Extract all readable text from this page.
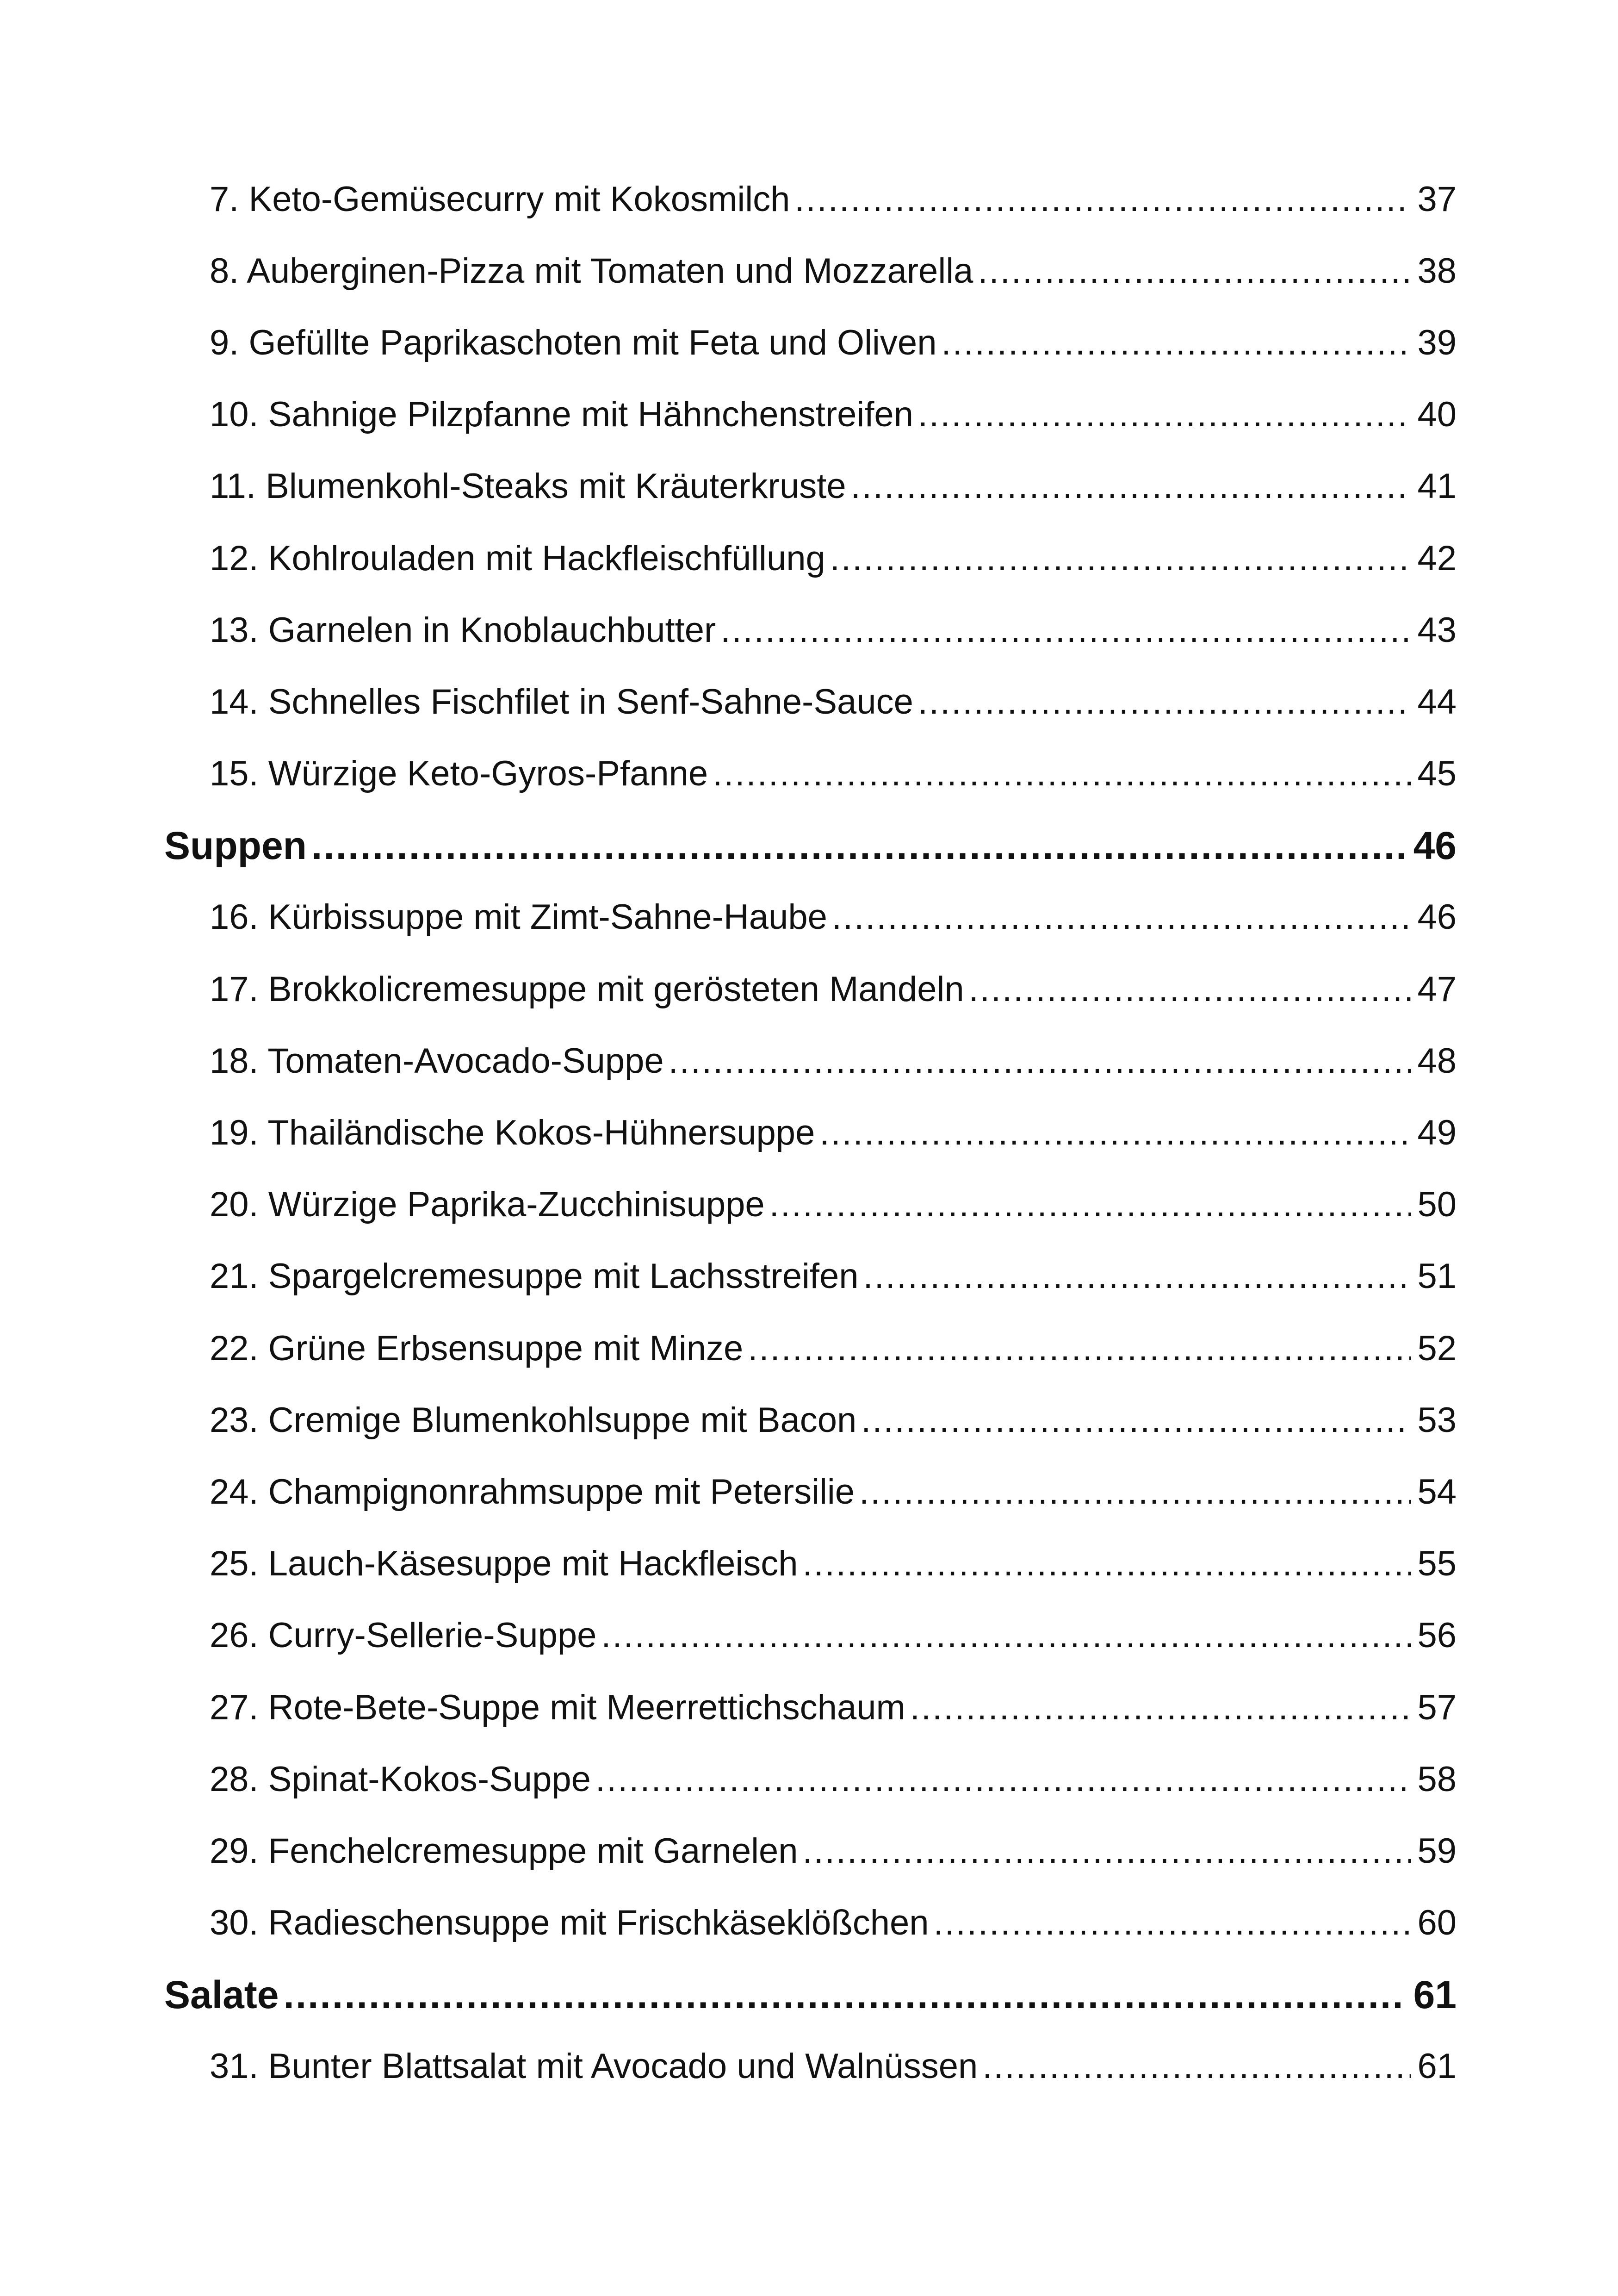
7. Keto-Gemüsecurry mit Kokosmilch .....	37
8. Auberginen-Pizza mit Tomaten und Mozzarella .....	38
9. Gefüllte Paprikaschoten mit Feta und Oliven .....	39
10. Sahnige Pilzpfanne mit Hähnchenstreifen .....	40
11. Blumenkohl-Steaks mit Kräuterkruste .....	41
12. Kohlrouladen mit Hackfleischfüllung .....	42
13. Garnelen in Knoblauchbutter .....	43
14. Schnelles Fischfilet in Senf-Sahne-Sauce .....	44
15. Würzige Keto-Gyros-Pfanne .....	45
Suppen .....	46
16. Kürbissuppe mit Zimt-Sahne-Haube .....	46
17. Brokkolicremesuppe mit gerösteten Mandeln .....	47
18. Tomaten-Avocado-Suppe .....	48
19. Thailändische Kokos-Hühnersuppe .....	49
20. Würzige Paprika-Zucchinisuppe .....	50
21. Spargelcremesuppe mit Lachsstreifen .....	51
22. Grüne Erbsensuppe mit Minze .....	52
23. Cremige Blumenkohlsuppe mit Bacon .....	53
24. Champignonrahmsuppe mit Petersilie .....	54
25. Lauch-Käsesuppe mit Hackfleisch .....	55
26. Curry-Sellerie-Suppe .....	56
27. Rote-Bete-Suppe mit Meerrettichschaum .....	57
28. Spinat-Kokos-Suppe .....	58
29. Fenchelcremesuppe mit Garnelen .....	59
30. Radieschensuppe mit Frischkäseklößchen .....	60
Salate .....	61
31. Bunter Blattsalat mit Avocado und Walnüssen .....	61
